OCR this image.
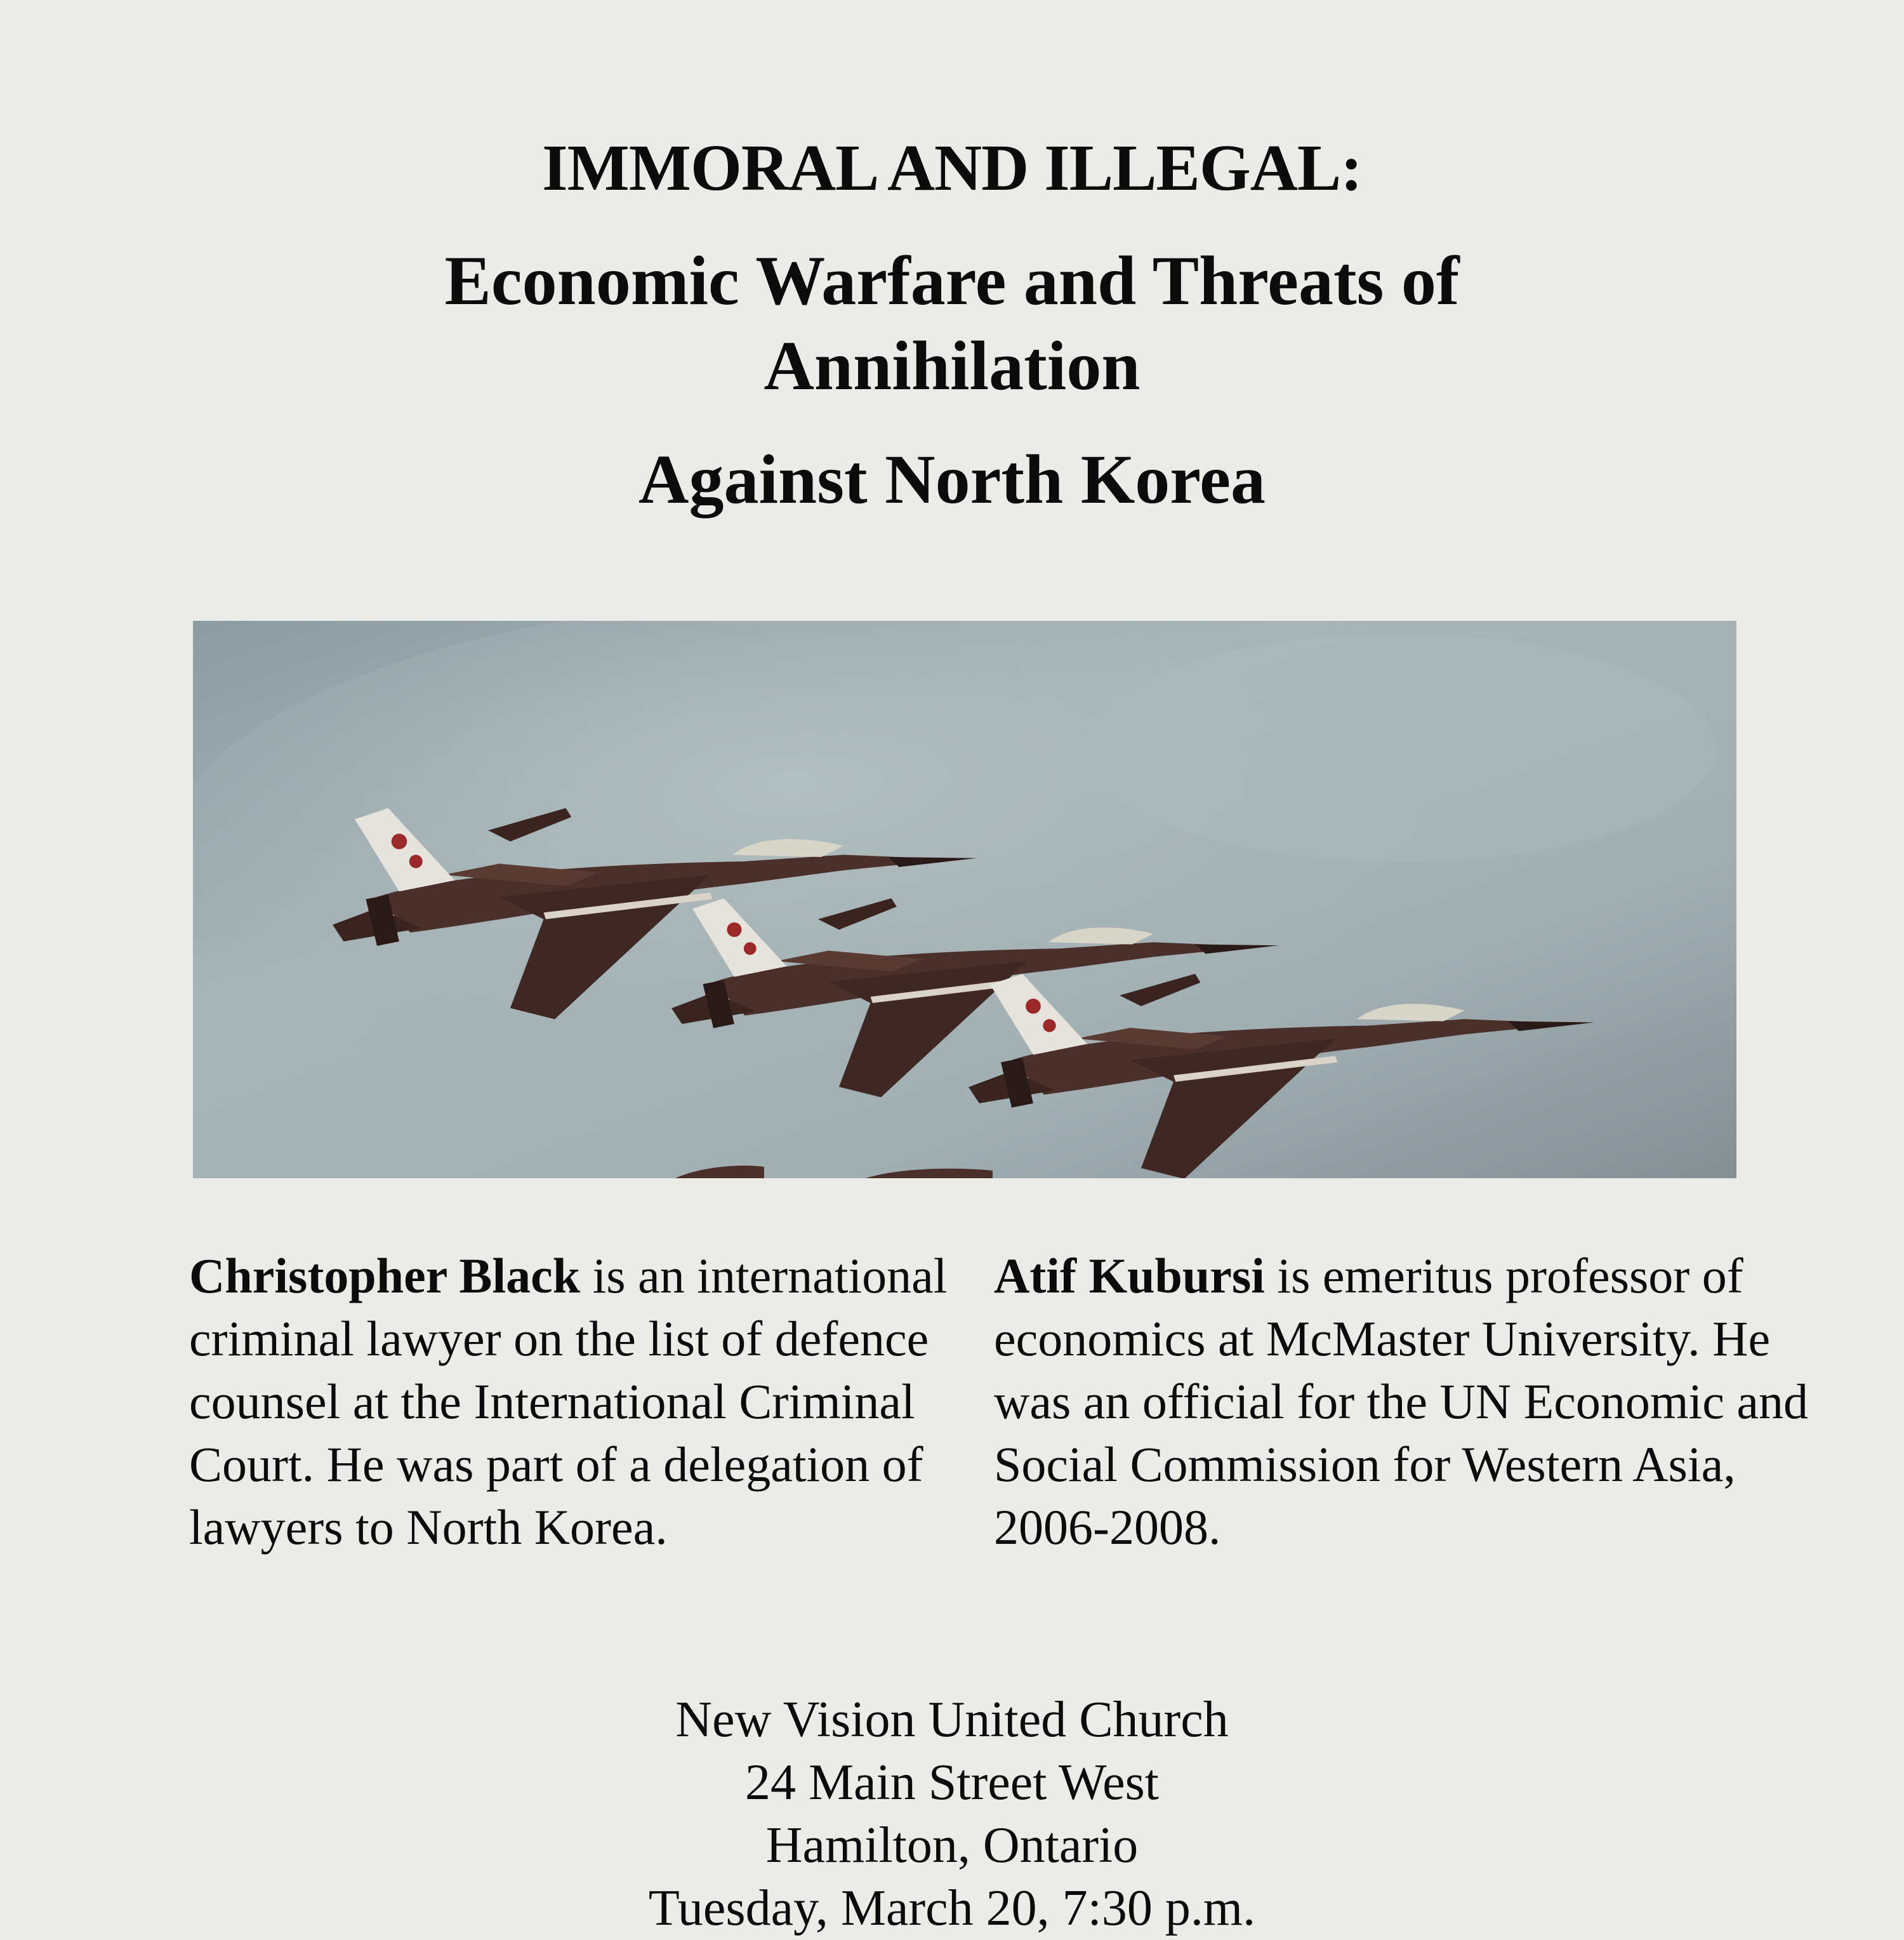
IMMORAL AND ILLEGAL:
Economic Warfare and Threats of
Annihilation
Against North Korea
Christopher Black is an international criminal lawyer on the list of defence counsel at the International Criminal Court. He was part of a delegation of lawyers to North Korea.
Atif Kubursi is emeritus professor of economics at McMaster University. He was an official for the UN Economic and Social Commission for Western Asia, 2006-2008.
New Vision United Church
24 Main Street West
Hamilton, Ontario
Tuesday, March 20, 7:30 p.m.
